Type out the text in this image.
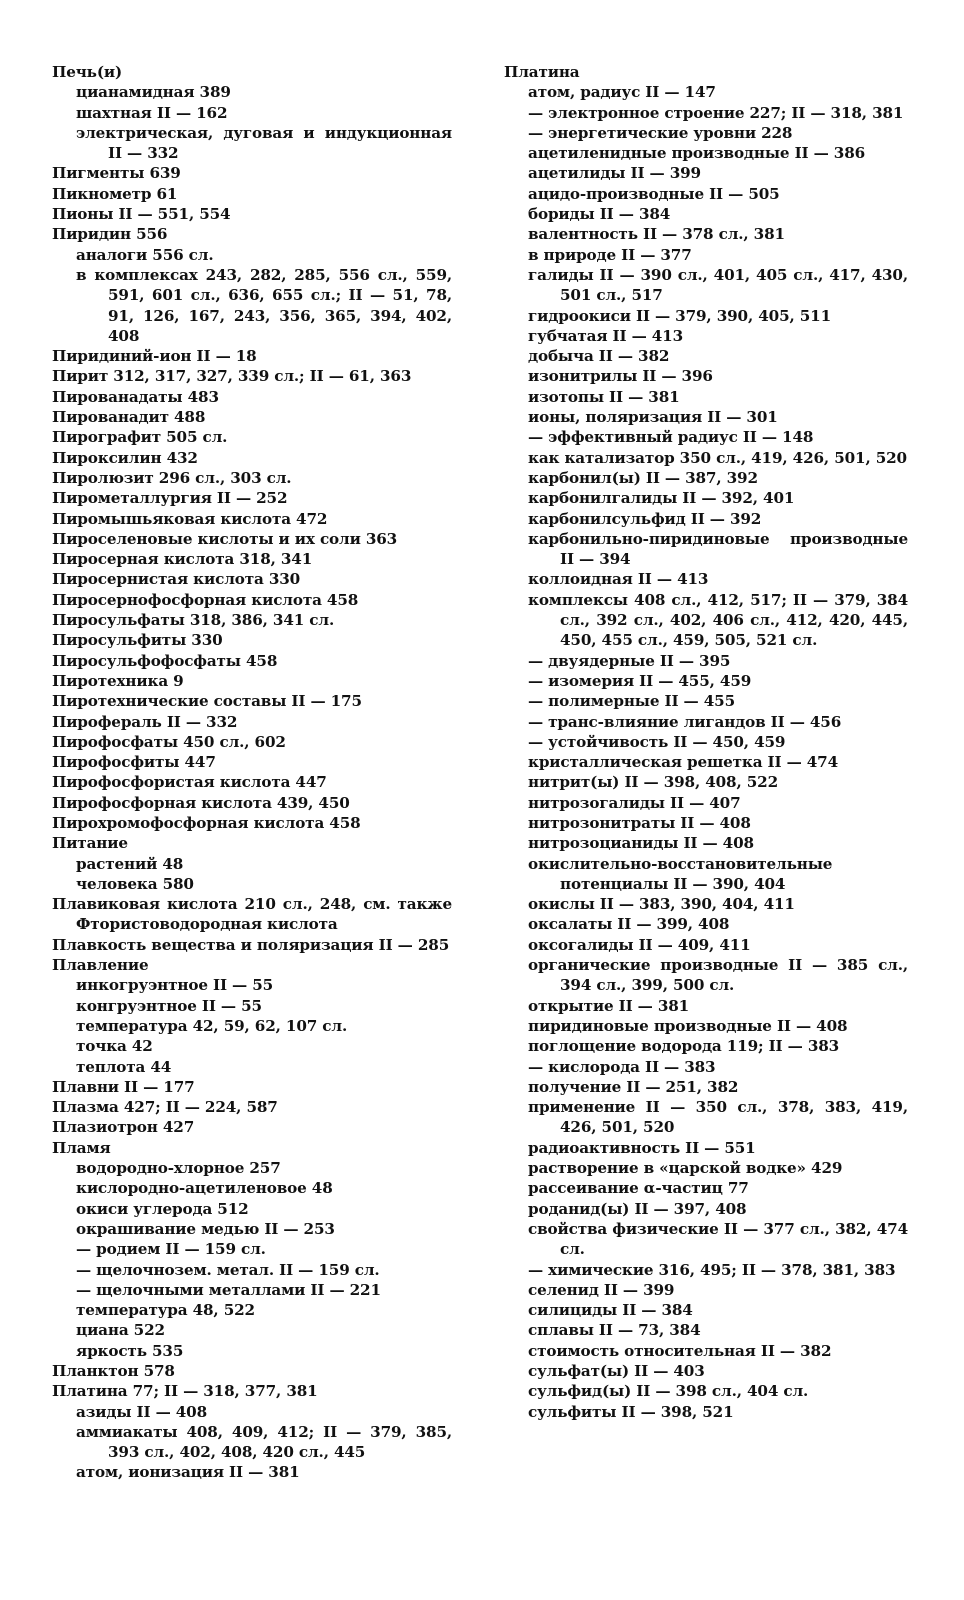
Печь(и)
цианамидная 389
шахтная II — 162
электрическая, дуговая и индукционная II — 332
Пигменты 639
Пикнометр 61
Пионы II — 551, 554
Пиридин 556
аналоги 556 сл.
в комплексах 243, 282, 285, 556 сл., 559, 591, 601 сл., 636, 655 сл.; II — 51, 78, 91, 126, 167, 243, 356, 365, 394, 402, 408
Пиридиний-ион II — 18
Пирит 312, 317, 327, 339 сл.; II — 61, 363
Пированадаты 483
Пированадит 488
Пирографит 505 сл.
Пироксилин 432
Пиролюзит 296 сл., 303 сл.
Пирометаллургия II — 252
Пиромышьяковая кислота 472
Пироселеновые кислоты и их соли 363
Пиросерная кислота 318, 341
Пиросернистая кислота 330
Пиросернофосфорная кислота 458
Пиросульфаты 318, 386, 341 сл.
Пиросульфиты 330
Пиросульфофосфаты 458
Пиротехника 9
Пиротехнические составы II — 175
Пирофераль II — 332
Пирофосфаты 450 сл., 602
Пирофосфиты 447
Пирофосфористая кислота 447
Пирофосфорная кислота 439, 450
Пирохромофосфорная кислота 458
Питание
растений 48
человека 580
Плавиковая кислота 210 сл., 248, см. также Фтористоводородная кислота
Плавкость вещества и поляризация II — 285
Плавление
инкогруэнтное II — 55
конгруэнтное II — 55
температура 42, 59, 62, 107 сл.
точка 42
теплота 44
Плавни II — 177
Плазма 427; II — 224, 587
Плазиотрон 427
Пламя
водородно-хлорное 257
кислородно-ацетиленовое 48
окиси углерода 512
окрашивание медью II — 253
— родием II — 159 сл.
— щелочнозем. метал. II — 159 сл.
— щелочными металлами II — 221
температура 48, 522
циана 522
яркость 535
Планктон 578
Платина 77; II — 318, 377, 381
азиды II — 408
аммиакаты 408, 409, 412; II — 379, 385, 393 сл., 402, 408, 420 сл., 445
атом, ионизация II — 381
Платина
атом, радиус II — 147
— электронное строение 227; II — 318, 381
— энергетические уровни 228
ацетиленидные производные II — 386
ацетилиды II — 399
ацидо-производные II — 505
бориды II — 384
валентность II — 378 сл., 381
в природе II — 377
галиды II — 390 сл., 401, 405 сл., 417, 430, 501 сл., 517
гидроокиси II — 379, 390, 405, 511
губчатая II — 413
добыча II — 382
изонитрилы II — 396
изотопы II — 381
ионы, поляризация II — 301
— эффективный радиус II — 148
как катализатор 350 сл., 419, 426, 501, 520
карбонил(ы) II — 387, 392
карбонилгалиды II — 392, 401
карбонилсульфид II — 392
карбонильно-пиридиновые производные II — 394
коллоидная II — 413
комплексы 408 сл., 412, 517; II — 379, 384 сл., 392 сл., 402, 406 сл., 412, 420, 445, 450, 455 сл., 459, 505, 521 сл.
— двуядерные II — 395
— изомерия II — 455, 459
— полимерные II — 455
— транс-влияние лигандов II — 456
— устойчивость II — 450, 459
кристаллическая решетка II — 474
нитрит(ы) II — 398, 408, 522
нитрозогалиды II — 407
нитрозонитраты II — 408
нитрозоцианиды II — 408
окислительно-восстановительные потенциалы II — 390, 404
окислы II — 383, 390, 404, 411
оксалаты II — 399, 408
оксогалиды II — 409, 411
органические производные II — 385 сл., 394 сл., 399, 500 сл.
открытие II — 381
пиридиновые производные II — 408
поглощение водорода 119; II — 383
— кислорода II — 383
получение II — 251, 382
применение II — 350 сл., 378, 383, 419, 426, 501, 520
радиоактивность II — 551
растворение в «царской водке» 429
рассеивание α-частиц 77
роданид(ы) II — 397, 408
свойства физические II — 377 сл., 382, 474 сл.
— химические 316, 495; II — 378, 381, 383
селенид II — 399
силициды II — 384
сплавы II — 73, 384
стоимость относительная II — 382
сульфат(ы) II — 403
сульфид(ы) II — 398 сл., 404 сл.
сульфиты II — 398, 521
